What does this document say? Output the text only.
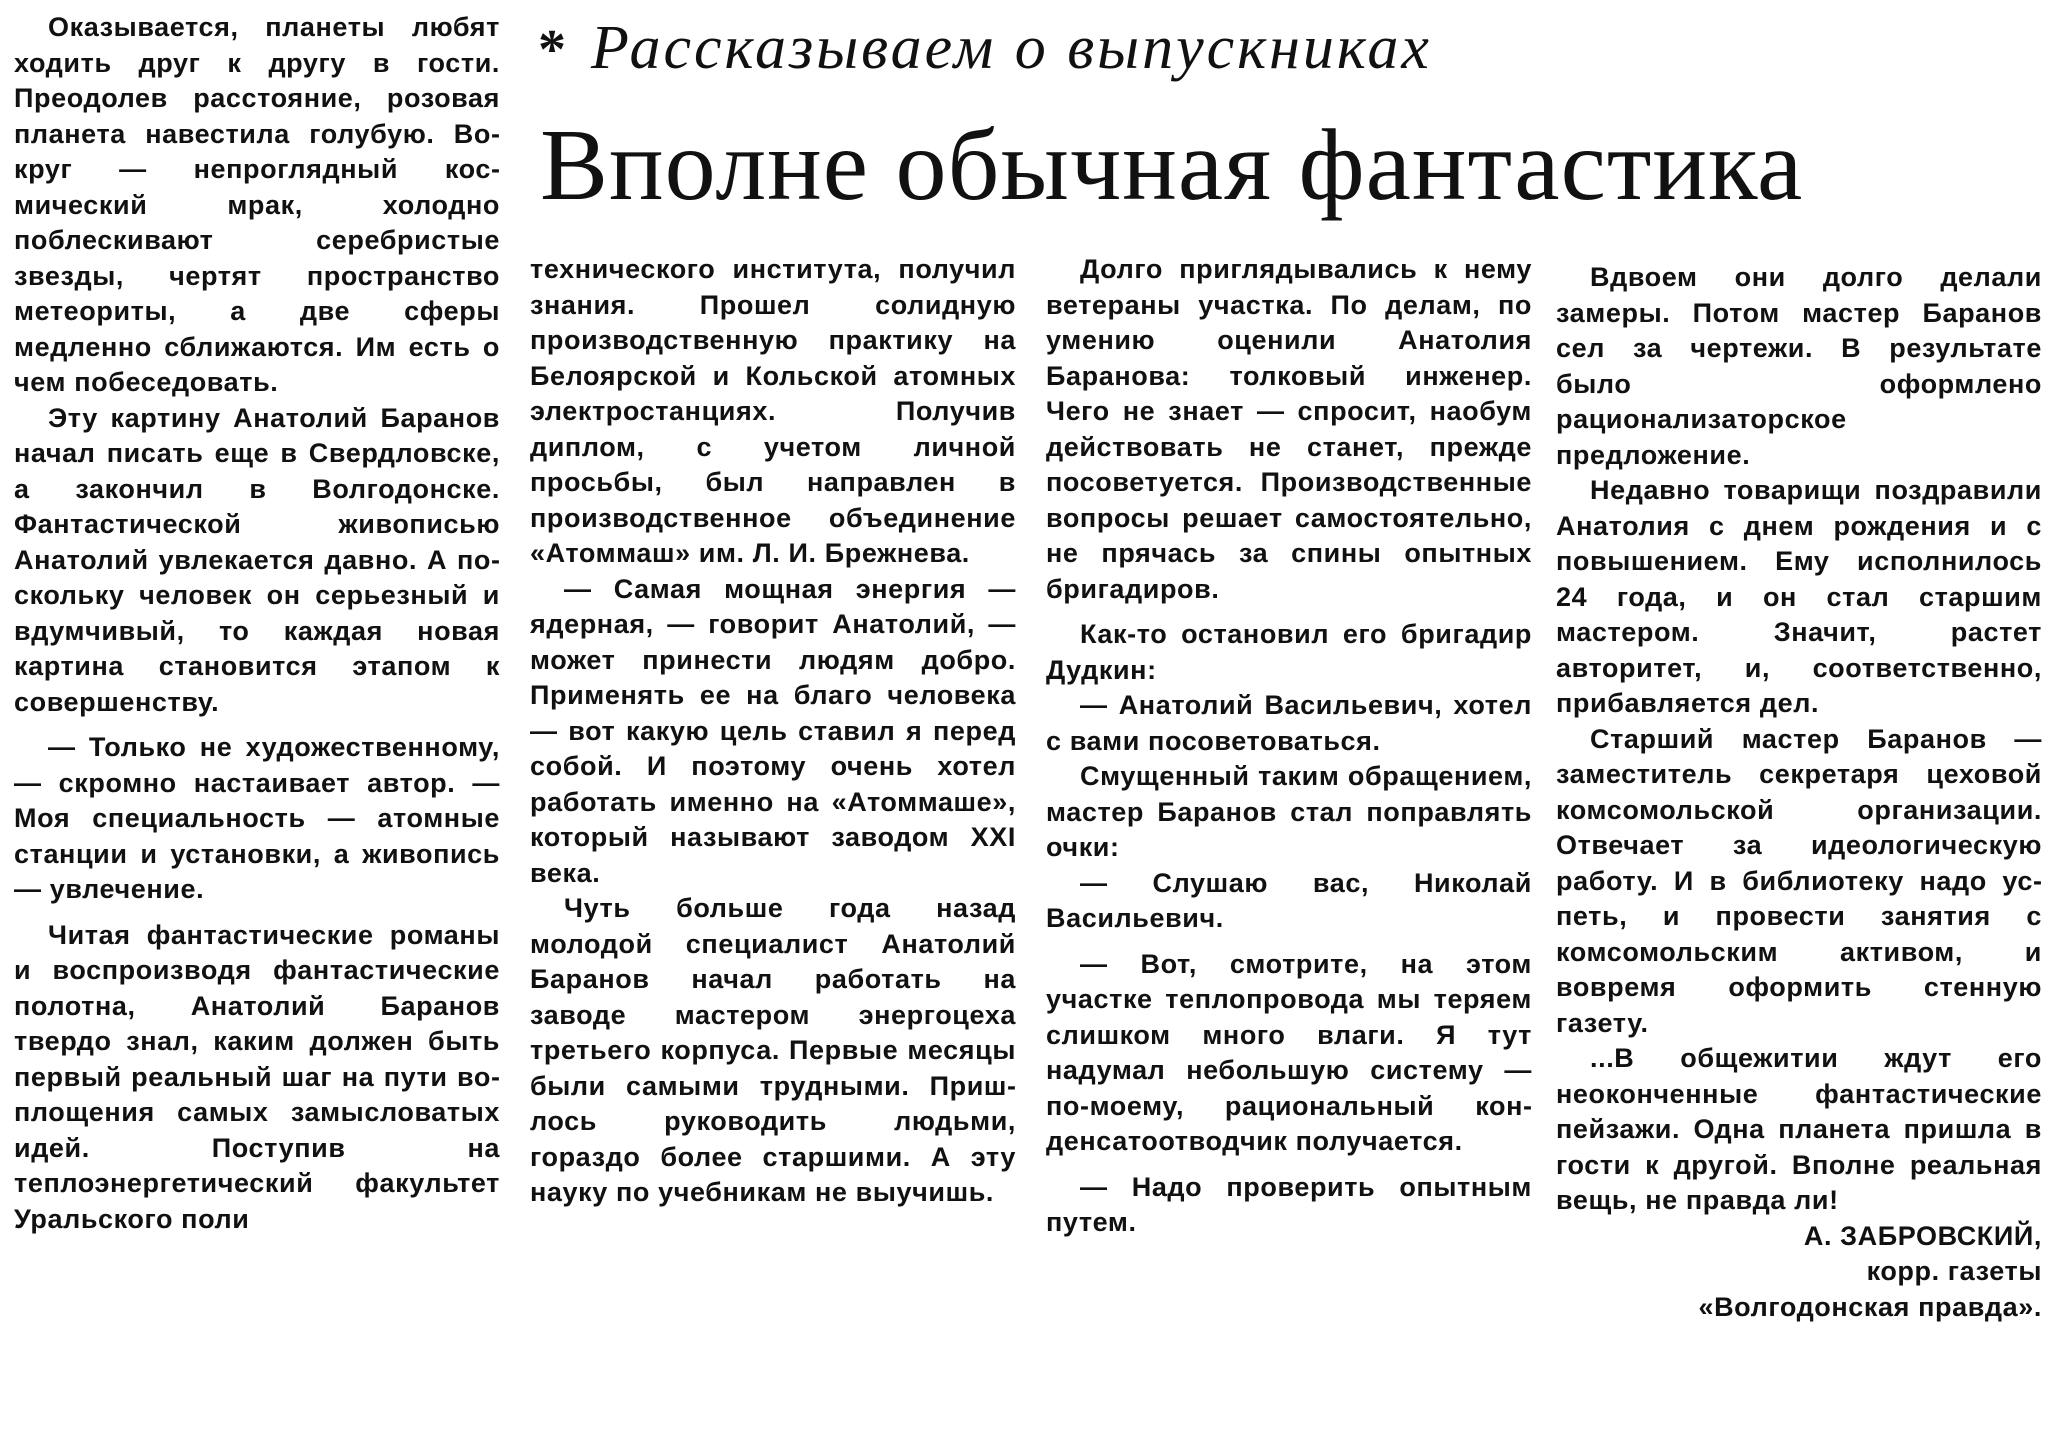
* Рассказываем о выпускниках
Вполне обычная фантастика

Оказывается, планеты любят ходить друг к другу в гости. Преодолев расстояние, розовая планета навестила голубую. Вокруг — непроглядный космический мрак, холодно поблескивают серебристые звезды, чертят пространство метеориты, а две сферы медленно сближаются. Им есть о чем побеседовать.

Эту картину Анатолий Баранов начал писать еще в Свердловске, а закончил в Волгодонске. Фантастической живописью Анатолий увлекается давно. А поскольку человек он серьезный и вдумчивый, то каждая новая картина становится этапом к совершенству.

— Только не художественному, — скромно настаивает автор. — Моя специальность — атомные станции и установки, а живопись — увлечение.

Читая фантастические романы и воспроизводя фантастические полотна, Анатолий Баранов твердо знал, каким должен быть первый реальный шаг на пути воплощения самых замысловатых идей. Поступив на теплоэнергетический факультет Уральского поли

технического института, получил знания. Прошел солидную производственную практику на Белоярской и Кольской атомных электростанциях. Получив диплом, с учетом личной просьбы, был направлен в производственное объединение «Атоммаш» им. Л. И. Брежнева.

— Самая мощная энергия — ядерная, — говорит Анатолий, — может принести людям добро. Применять ее на благо человека — вот какую цель ставил я перед собой. И поэтому очень хотел работать именно на «Атоммаше», который называют заводом XXI века.

Чуть больше года назад молодой специалист Анатолий Баранов начал работать на заводе мастером энергоцеха третьего корпуса. Первые месяцы были самыми трудными. Пришлось руководить людьми, гораздо более старшими. А эту науку по учебникам не выучишь.

Долго приглядывались к нему ветераны участка. По делам, по умению оценили Анатолия Баранова: толковый инженер. Чего не знает — спросит, наобум действовать не станет, прежде посоветуется. Производственные вопросы решает самостоятельно, не прячась за спины опытных бригадиров.

Как-то остановил его бригадир Дудкин:

— Анатолий Васильевич, хотел с вами посоветоваться.

Смущенный таким обращением, мастер Баранов стал поправлять очки:

— Слушаю вас, Николай Васильевич.

— Вот, смотрите, на этом участке теплопровода мы теряем слишком много влаги. Я тут надумал небольшую систему — по-моему, рациональный конденсатоотводчик получается.

— Надо проверить опытным путем.

Вдвоем они долго делали замеры. Потом мастер Баранов сел за чертежи. В результате было оформлено рационализаторское предложение.

Недавно товарищи поздравили Анатолия с днем рождения и с повышением. Ему исполнилось 24 года, и он стал старшим мастером. Значит, растет авторитет, и, соответственно, прибавляется дел.

Старший мастер Баранов — заместитель секретаря цеховой комсомольской организации. Отвечает за идеологическую работу. И в библиотеку надо успеть, и провести занятия с комсомольским активом, и вовремя оформить стенную газету.

...В общежитии ждут его неоконченные фантастические пейзажи. Одна планета пришла в гости к другой. Вполне реальная вещь, не правда ли!

А. ЗАБРОВСКИЙ,

корр. газеты

«Волгодонская правда».
